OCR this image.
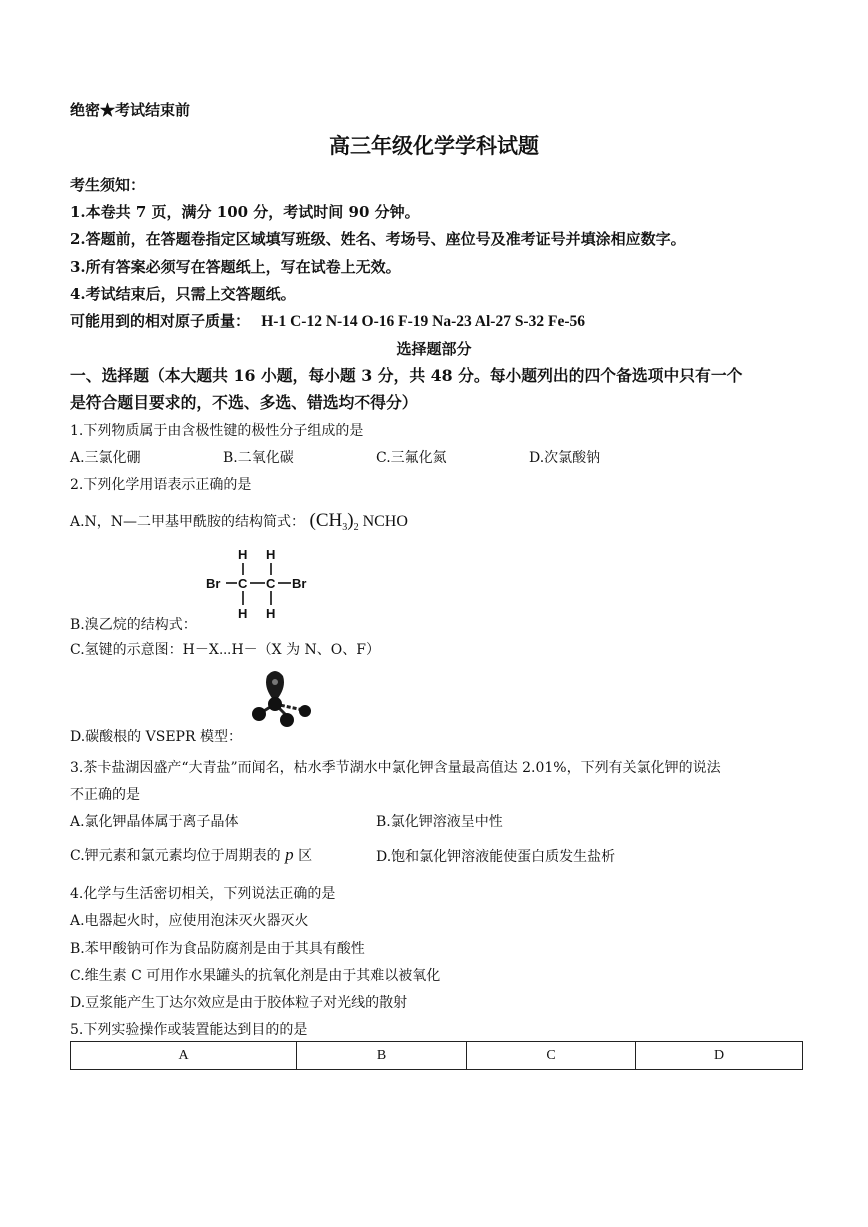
绝密★考试结束前
高三年级化学学科试题
考生须知：
1.本卷共 7 页，满分 100 分，考试时间 90 分钟。
2.答题前，在答题卷指定区域填写班级、姓名、考场号、座位号及准考证号并填涂相应数字。
3.所有答案必须写在答题纸上，写在试卷上无效。
4.考试结束后，只需上交答题纸。
可能用到的相对原子质量： H-1 C-12 N-14 O-16 F-19 Na-23 Al-27 S-32 Fe-56
选择题部分
一、选择题（本大题共 16 小题，每小题 3 分，共 48 分。每小题列出的四个备选项中只有一个
是符合题目要求的，不选、多选、错选均不得分）
1.下列物质属于由含极性键的极性分子组成的是
A.三氯化硼	B.二氧化碳	C.三氟化氮	D.次氯酸钠
2.下列化学用语表示正确的是
A.N，N—二甲基甲酰胺的结构简式： $(CH_3)_2$ NCHO
H H
Br C C Br
H H
B.溴乙烷的结构式：
C.氢键的示意图：H－X⋯H－（X 为 N、O、F）
D.碳酸根的 VSEPR 模型：
3.茶卡盐湖因盛产“大青盐”而闻名，枯水季节湖水中氯化钾含量最高值达 2.01%，下列有关氯化钾的说法
不正确的是
A.氯化钾晶体属于离子晶体	B.氯化钾溶液呈中性
C.钾元素和氯元素均位于周期表的 p 区	D.饱和氯化钾溶液能使蛋白质发生盐析
4.化学与生活密切相关，下列说法正确的是
A.电器起火时，应使用泡沫灭火器灭火
B.苯甲酸钠可作为食品防腐剂是由于其具有酸性
C.维生素 C 可用作水果罐头的抗氧化剂是由于其难以被氧化
D.豆浆能产生丁达尔效应是由于胶体粒子对光线的散射
5.下列实验操作或装置能达到目的的是
A	B	C	D
